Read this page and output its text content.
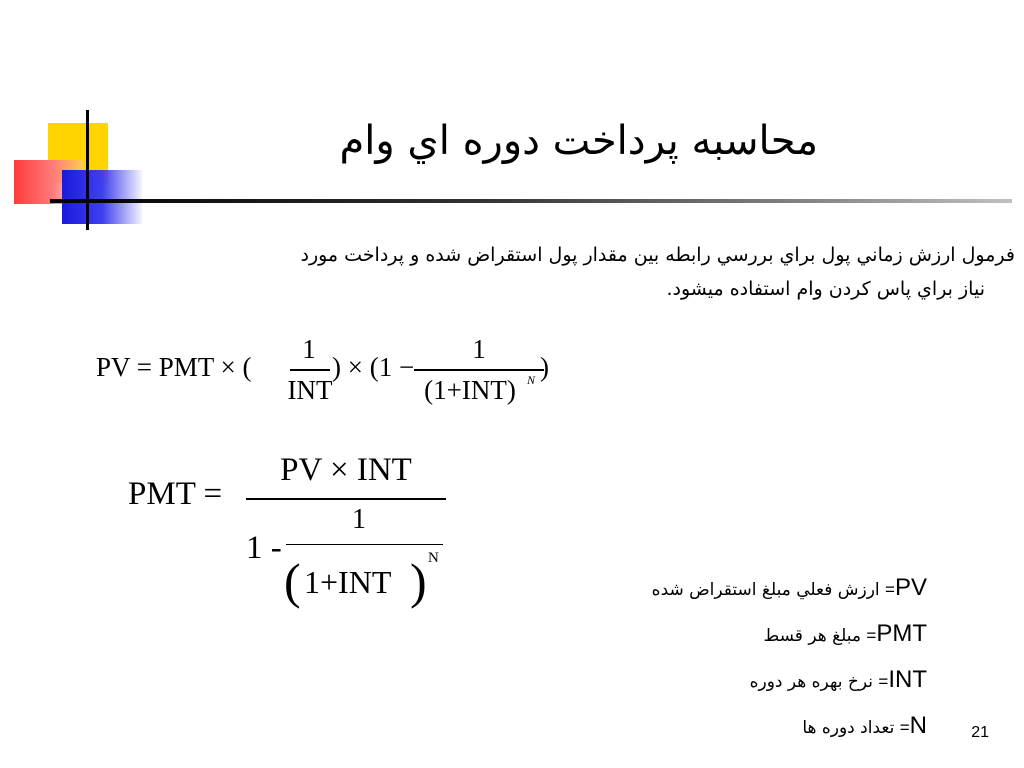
محاسبه پرداخت دوره اي وام
فرمول ارزش زماني پول براي بررسي رابطه بين مقدار پول استقراض شده و پرداخت مورد
نياز براي پاس كردن وام استفاده ميشود.
PV = PMT × (
1
INT
) × (1 −
1
(1+INT) N )
PMT =
PV × INT
1 -
1
( 1+INT ) N
PV= ارزش فعلي مبلغ استقراض شده
PMT= مبلغ هر قسط
INT= نرخ بهره هر دوره
N= تعداد دوره ها	21
